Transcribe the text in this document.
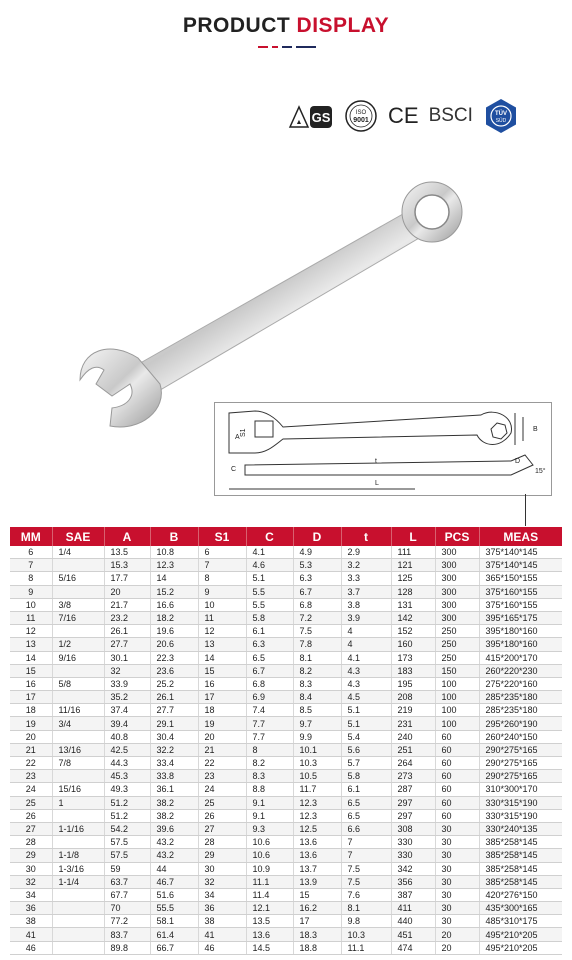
PRODUCT DISPLAY
▲ GS	ISO
9001 CE BSCI	TÜV
SÜD
A
S1	B
C
t
L
D
15°
MM	SAE	A	B	S1	C	D	t	L	PCS	MEAS
6	1/4	13.5	10.8	6	4.1	4.9	2.9	111	300	375*140*145
7		15.3	12.3	7	4.6	5.3	3.2	121	300	375*140*145
8	5/16	17.7	14	8	5.1	6.3	3.3	125	300	365*150*155
9		20	15.2	9	5.5	6.7	3.7	128	300	375*160*155
10	3/8	21.7	16.6	10	5.5	6.8	3.8	131	300	375*160*155
11	7/16	23.2	18.2	11	5.8	7.2	3.9	142	300	395*165*175
12		26.1	19.6	12	6.1	7.5	4	152	250	395*180*160
13	1/2	27.7	20.6	13	6.3	7.8	4	160	250	395*180*160
14	9/16	30.1	22.3	14	6.5	8.1	4.1	173	250	415*200*170
15		32	23.6	15	6.7	8.2	4.3	183	150	260*220*230
16	5/8	33.9	25.2	16	6.8	8.3	4.3	195	100	275*220*160
17		35.2	26.1	17	6.9	8.4	4.5	208	100	285*235*180
18	11/16	37.4	27.7	18	7.4	8.5	5.1	219	100	285*235*180
19	3/4	39.4	29.1	19	7.7	9.7	5.1	231	100	295*260*190
20		40.8	30.4	20	7.7	9.9	5.4	240	60	260*240*150
21	13/16	42.5	32.2	21	8	10.1	5.6	251	60	290*275*165
22	7/8	44.3	33.4	22	8.2	10.3	5.7	264	60	290*275*165
23		45.3	33.8	23	8.3	10.5	5.8	273	60	290*275*165
24	15/16	49.3	36.1	24	8.8	11.7	6.1	287	60	310*300*170
25	1	51.2	38.2	25	9.1	12.3	6.5	297	60	330*315*190
26		51.2	38.2	26	9.1	12.3	6.5	297	60	330*315*190
27	1-1/16	54.2	39.6	27	9.3	12.5	6.6	308	30	330*240*135
28		57.5	43.2	28	10.6	13.6	7	330	30	385*258*145
29	1-1/8	57.5	43.2	29	10.6	13.6	7	330	30	385*258*145
30	1-3/16	59	44	30	10.9	13.7	7.5	342	30	385*258*145
32	1-1/4	63.7	46.7	32	11.1	13.9	7.5	356	30	385*258*145
34		67.7	51.6	34	11.4	15	7.6	387	30	420*276*150
36		70	55.5	36	12.1	16.2	8.1	411	30	435*300*165
38		77.2	58.1	38	13.5	17	9.8	440	30	485*310*175
41		83.7	61.4	41	13.6	18.3	10.3	451	20	495*210*205
46		89.8	66.7	46	14.5	18.8	11.1	474	20	495*210*205
